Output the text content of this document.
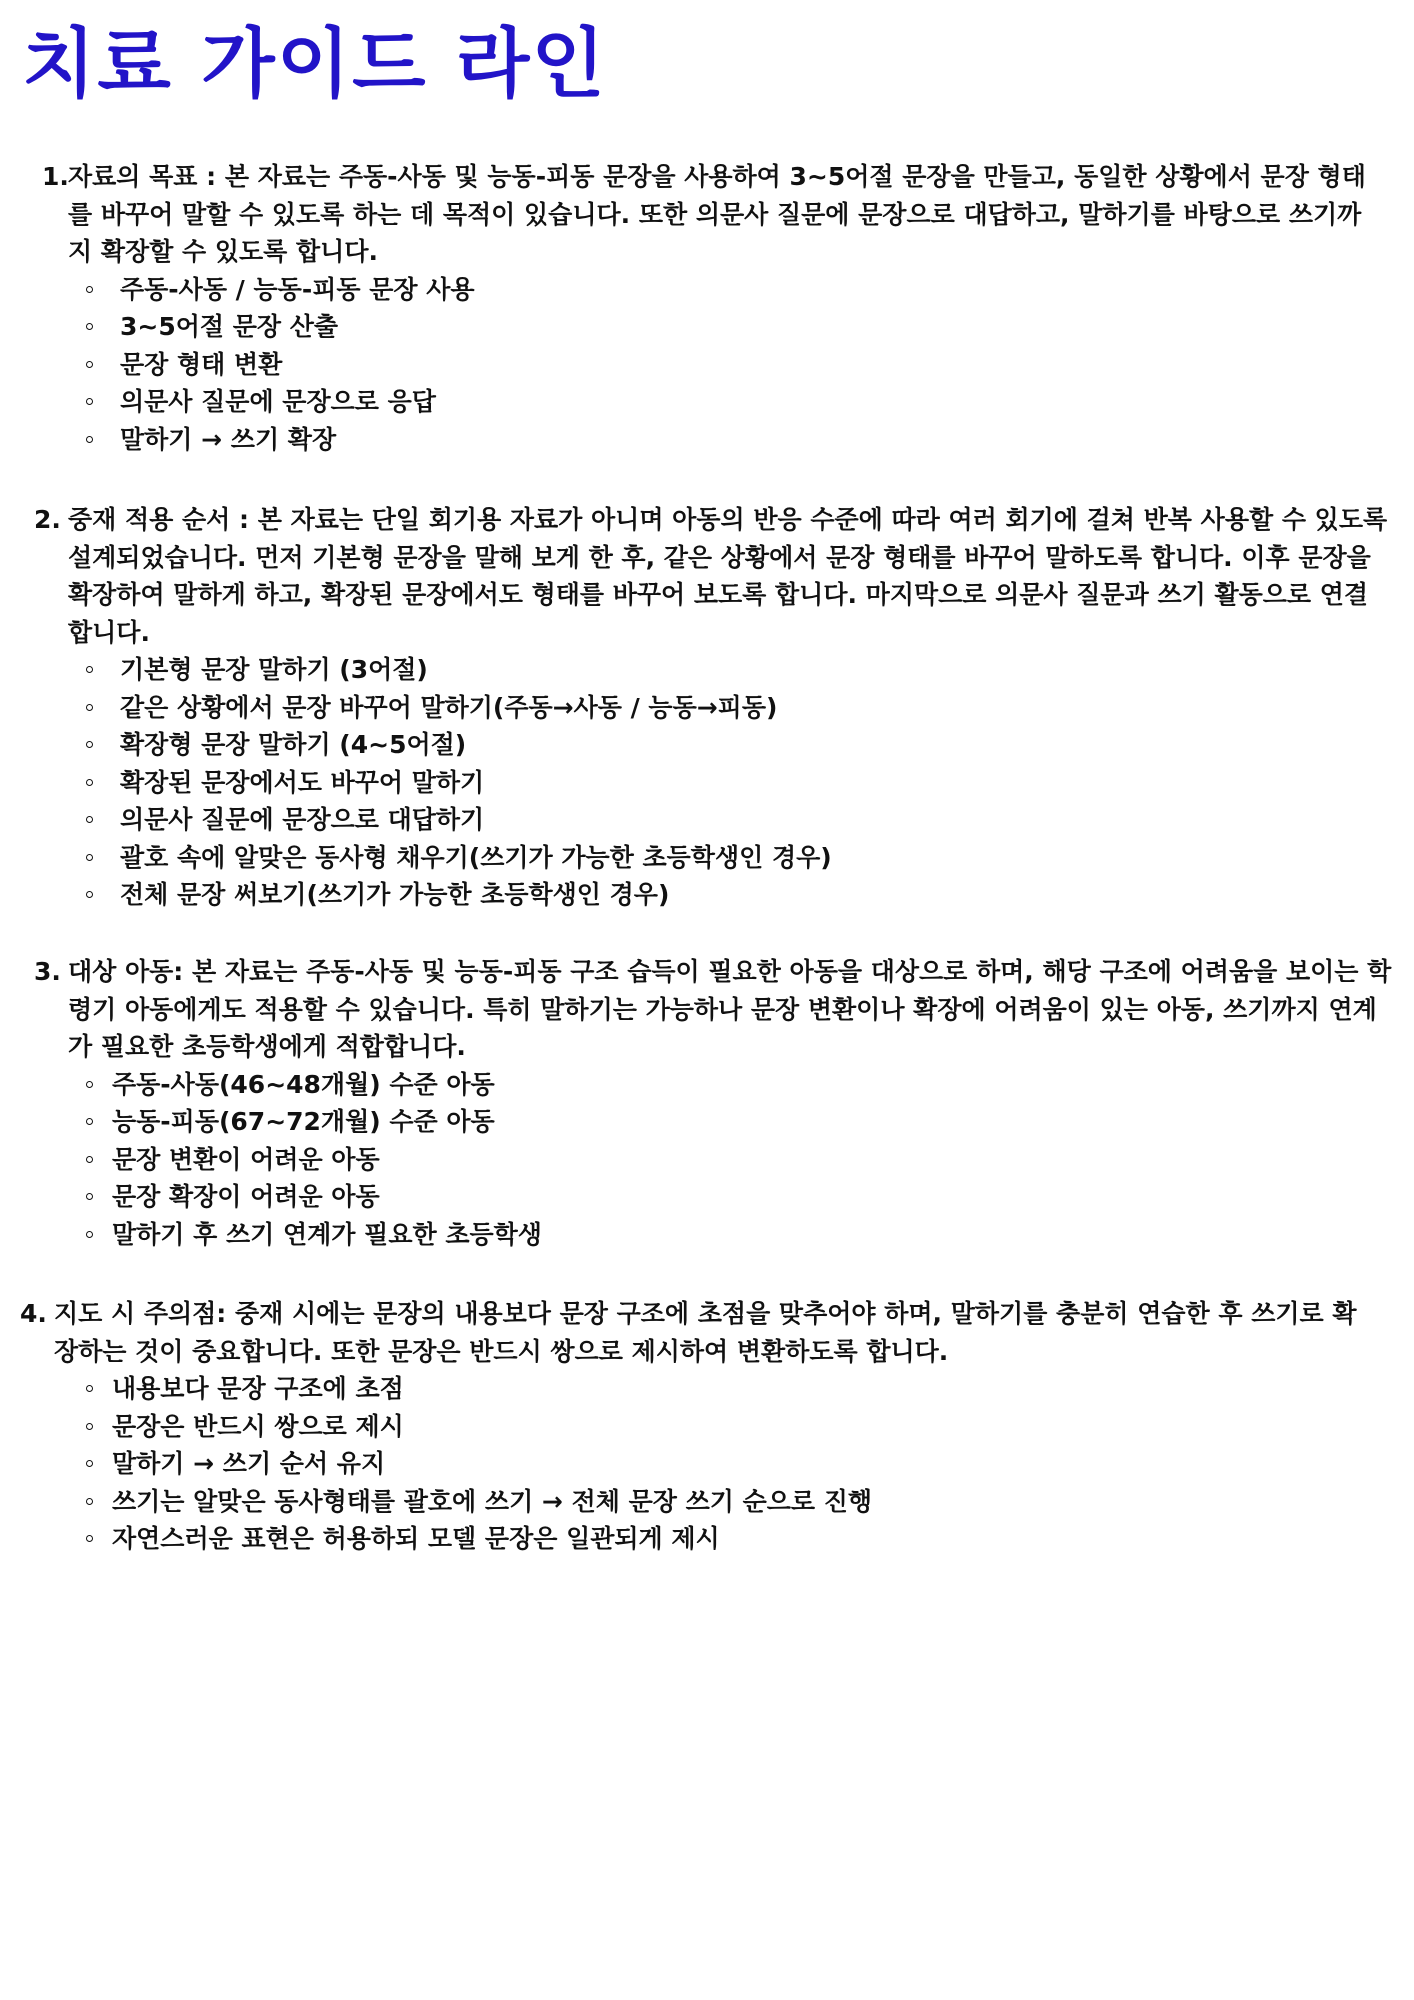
치료 가이드 라인

1. 자료의 목표 : 본 자료는 주동-사동 및 능동-피동 문장을 사용하여 3~5어절 문장을 만들고, 동일한 상황에서 문장 형태를 바꾸어 말할 수 있도록 하는 데 목적이 있습니다. 또한 의문사 질문에 문장으로 대답하고, 말하기를 바탕으로 쓰기까지 확장할 수 있도록 합니다.

주동-사동 / 능동-피동 문장 사용
3~5어절 문장 산출
문장 형태 변환
의문사 질문에 문장으로 응답
말하기 → 쓰기 확장

2. 중재 적용 순서 : 본 자료는 단일 회기용 자료가 아니며 아동의 반응 수준에 따라 여러 회기에 걸쳐 반복 사용할 수 있도록 설계되었습니다. 먼저 기본형 문장을 말해 보게 한 후, 같은 상황에서 문장 형태를 바꾸어 말하도록 합니다. 이후 문장을 확장하여 말하게 하고, 확장된 문장에서도 형태를 바꾸어 보도록 합니다. 마지막으로 의문사 질문과 쓰기 활동으로 연결합니다.

기본형 문장 말하기 (3어절)
같은 상황에서 문장 바꾸어 말하기(주동→사동 / 능동→피동)
확장형 문장 말하기 (4~5어절)
확장된 문장에서도 바꾸어 말하기
의문사 질문에 문장으로 대답하기
괄호 속에 알맞은 동사형 채우기(쓰기가 가능한 초등학생인 경우)
전체 문장 써보기(쓰기가 가능한 초등학생인 경우)

3. 대상 아동: 본 자료는 주동-사동 및 능동-피동 구조 습득이 필요한 아동을 대상으로 하며, 해당 구조에 어려움을 보이는 학령기 아동에게도 적용할 수 있습니다. 특히 말하기는 가능하나 문장 변환이나 확장에 어려움이 있는 아동, 쓰기까지 연계가 필요한 초등학생에게 적합합니다.

주동-사동(46~48개월) 수준 아동
능동-피동(67~72개월) 수준 아동
문장 변환이 어려운 아동
문장 확장이 어려운 아동
말하기 후 쓰기 연계가 필요한 초등학생

4. 지도 시 주의점: 중재 시에는 문장의 내용보다 문장 구조에 초점을 맞추어야 하며, 말하기를 충분히 연습한 후 쓰기로 확장하는 것이 중요합니다. 또한 문장은 반드시 쌍으로 제시하여 변환하도록 합니다.

내용보다 문장 구조에 초점
문장은 반드시 쌍으로 제시
말하기 → 쓰기 순서 유지
쓰기는 알맞은 동사형태를 괄호에 쓰기 → 전체 문장 쓰기 순으로 진행
자연스러운 표현은 허용하되 모델 문장은 일관되게 제시
